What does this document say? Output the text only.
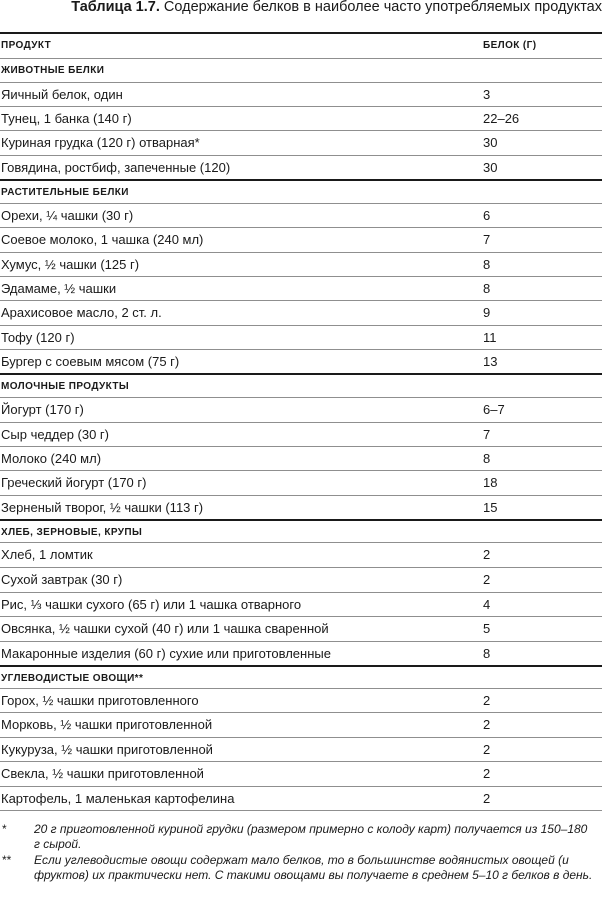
Таблица 1.7. Содержание белков в наиболее часто употребляемых продуктах
ПРОДУКТ	БЕЛОК (Г)
ЖИВОТНЫЕ БЕЛКИ
Яичный белок, один	3
Тунец, 1 банка (140 г)	22–26
Куриная грудка (120 г) отварная*	30
Говядина, ростбиф, запеченные (120)	30
РАСТИТЕЛЬНЫЕ БЕЛКИ
Орехи, ¼ чашки (30 г)	6
Соевое молоко, 1 чашка (240 мл)	7
Хумус, ½ чашки (125 г)	8
Эдамаме, ½ чашки	8
Арахисовое масло, 2 ст. л.	9
Тофу (120 г)	11
Бургер с соевым мясом (75 г)	13
МОЛОЧНЫЕ ПРОДУКТЫ
Йогурт (170 г)	6–7
Сыр чеддер (30 г)	7
Молоко (240 мл)	8
Греческий йогурт (170 г)	18
Зерненый творог, ½ чашки (113 г)	15
ХЛЕБ, ЗЕРНОВЫЕ, КРУПЫ
Хлеб, 1 ломтик	2
Сухой завтрак (30 г)	2
Рис, ⅓ чашки сухого (65 г) или 1 чашка отварного	4
Овсянка, ½ чашки сухой (40 г) или 1 чашка сваренной	5
Макаронные изделия (60 г) сухие или приготовленные	8
УГЛЕВОДИСТЫЕ ОВОЩИ**
Горох, ½ чашки приготовленного	2
Морковь, ½ чашки приготовленной	2
Кукуруза, ½ чашки приготовленной	2
Свекла, ½ чашки приготовленной	2
Картофель, 1 маленькая картофелина	2
* 20 г приготовленной куриной грудки (размером примерно с колоду карт) получается из 150–180 г сырой.
** Если углеводистые овощи содержат мало белков, то в большинстве водянистых овощей (и фруктов) их практически нет. С такими овощами вы получаете в среднем 5–10 г белков в день.
